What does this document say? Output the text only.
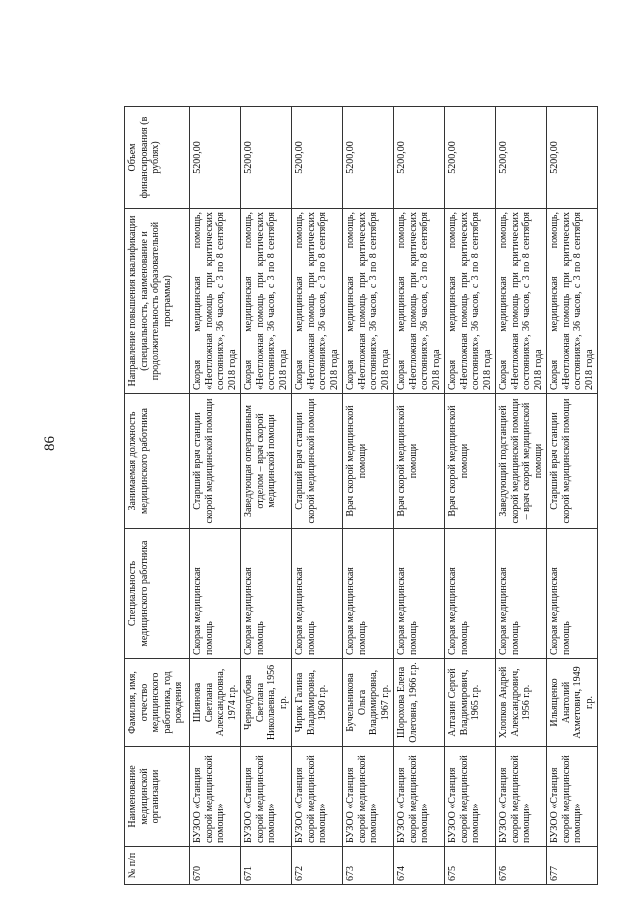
86
№ п/п	Наименование медицинской организации	Фамилия, имя, отчество медицинского работника, год рождения	Специальность медицинского работника	Занимаемая должность медицинского работника	Направление повышения квалификации (специальность, наименование и продолжительность образовательной программы)	Объем финансирования (в рублях)
670	БУЗОО «Станция скорой медицинской помощи»	Шиянова Светлана Александровна, 1974 г.р.	Скорая медицинская помощь	Старший врач станции скорой медицинской помощи	Скорая медицинская помощь, «Неотложная помощь при критических состояниях», 36 часов, с 3 по 8 сентября 2018 года	5200,00
671	БУЗОО «Станция скорой медицинской помощи»	Чернодубова Светлана Николаевна, 1956 г.р.	Скорая медицинская помощь	Заведующая оперативным отделом – врач скорой медицинской помощи	Скорая медицинская помощь, «Неотложная помощь при критических состояниях», 36 часов, с 3 по 8 сентября 2018 года	5200,00
672	БУЗОО «Станция скорой медицинской помощи»	Чирик Галина Владимировна, 1960 г.р.	Скорая медицинская помощь	Старший врач станции скорой медицинской помощи	Скорая медицинская помощь, «Неотложная помощь при критических состояниях», 36 часов, с 3 по 8 сентября 2018 года	5200,00
673	БУЗОО «Станция скорой медицинской помощи»	Бучельникова Ольга Владимировна, 1967 г.р.	Скорая медицинская помощь	Врач скорой медицинской помощи	Скорая медицинская помощь, «Неотложная помощь при критических состояниях», 36 часов, с 3 по 8 сентября 2018 года	5200,00
674	БУЗОО «Станция скорой медицинской помощи»	Шорохова Елена Олеговна, 1966 г.р.	Скорая медицинская помощь	Врач скорой медицинской помощи	Скорая медицинская помощь, «Неотложная помощь при критических состояниях», 36 часов, с 3 по 8 сентября 2018 года	5200,00
675	БУЗОО «Станция скорой медицинской помощи»	Алтазин Сергей Владимирович, 1965 г.р.	Скорая медицинская помощь	Врач скорой медицинской помощи	Скорая медицинская помощь, «Неотложная помощь при критических состояниях», 36 часов, с 3 по 8 сентября 2018 года	5200,00
676	БУЗОО «Станция скорой медицинской помощи»	Хлопков Андрей Александрович, 1956 г.р.	Скорая медицинская помощь	Заведующий подстанцией скорой медицинской помощи – врач скорой медицинской помощи	Скорая медицинская помощь, «Неотложная помощь при критических состояниях», 36 часов, с 3 по 8 сентября 2018 года	5200,00
677	БУЗОО «Станция скорой медицинской помощи»	Ильященко Анатолий Ахметович, 1949 г.р.	Скорая медицинская помощь	Старший врач станции скорой медицинской помощи	Скорая медицинская помощь, «Неотложная помощь при критических состояниях», 36 часов, с 3 по 8 сентября 2018 года	5200,00
